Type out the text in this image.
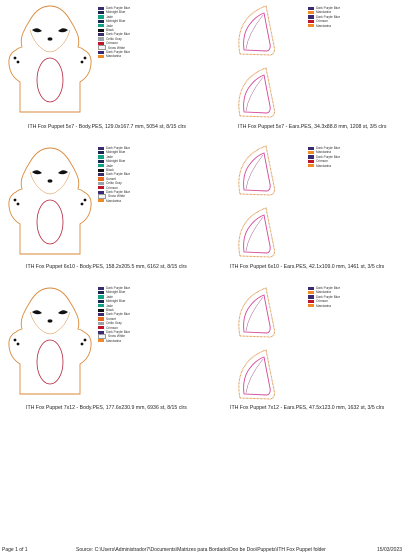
Dark Purple Blue
Midnight Blue
Jade
Midnight Blue
Jade
Black
Dark Purple Blue
Celtic Gray
Crimson
Snow White
Dark Purple Blue
Mandarina
ITH Fox Puppet 5x7 - Body.PES, 129.0x167.7 mm, 5054 st, 8/15 clrs
Dark Purple Blue
Mandarina
Dark Purple Blue
Crimson
Mandarina
ITH Fox Puppet 5x7 - Ears.PES, 34.3x88.8 mm, 1208 st, 3/5 clrs
Dark Purple Blue
Midnight Blue
Jade
Midnight Blue
Jade
Black
Dark Purple Blue
Sunset
Celtic Gray
Crimson
Dark Purple Blue
Snow White
Mandarina
ITH Fox Puppet 6x10 - Body.PES, 158.2x205.5 mm, 6162 st, 8/15 clrs
Dark Purple Blue
Mandarina
Dark Purple Blue
Crimson
Mandarina
ITH Fox Puppet 6x10 - Ears.PES, 42.1x109.0 mm, 1461 st, 3/5 clrs
Dark Purple Blue
Midnight Blue
Jade
Midnight Blue
Jade
Black
Dark Purple Blue
Sunset
Celtic Gray
Crimson
Dark Purple Blue
Snow White
Mandarina
ITH Fox Puppet 7x12 - Body.PES, 177.6x230.9 mm, 6936 st, 8/15 clrs
Dark Purple Blue
Mandarina
Dark Purple Blue
Crimson
Mandarina
ITH Fox Puppet 7x12 - Ears.PES, 47.5x123.0 mm, 1632 st, 3/5 clrs
Page 1 of 1	Source: C:\Users\Administrador7\Documents\Matrizes para Bordado\Doo be Doo\Puppets\ITH Fox Puppet folder	15/03/2023
